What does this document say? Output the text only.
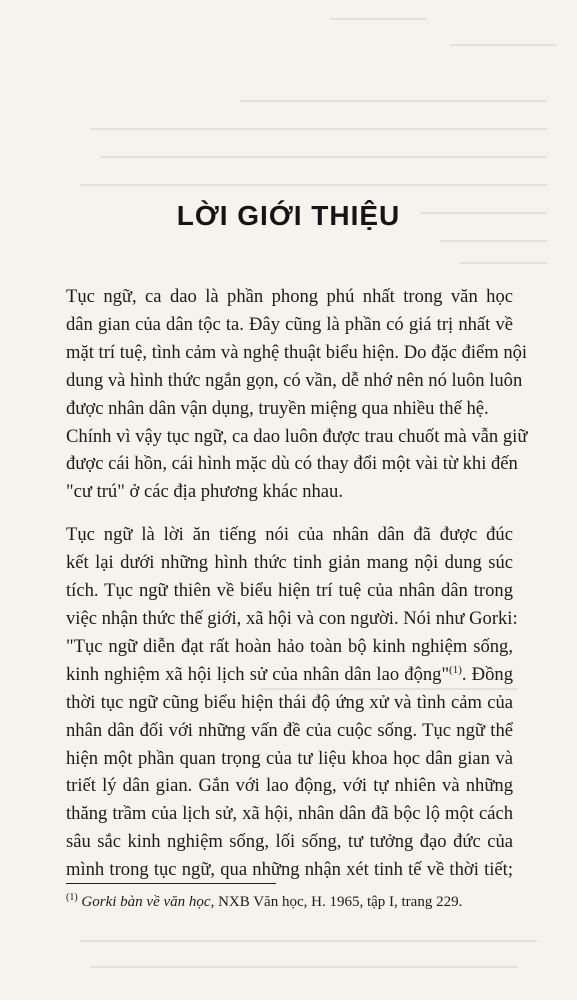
LỜI GIỚI THIỆU
Tục ngữ, ca dao là phần phong phú nhất trong văn học
dân gian của dân tộc ta. Đây cũng là phần có giá trị nhất về
mặt trí tuệ, tình cảm và nghệ thuật biểu hiện. Do đặc điểm nội
dung và hình thức ngắn gọn, có vần, dễ nhớ nên nó luôn luôn
được nhân dân vận dụng, truyền miệng qua nhiều thế hệ.
Chính vì vậy tục ngữ, ca dao luôn được trau chuốt mà vẫn giữ
được cái hồn, cái hình mặc dù có thay đổi một vài từ khi đến
"cư trú" ở các địa phương khác nhau.
Tục ngữ là lời ăn tiếng nói của nhân dân đã được đúc
kết lại dưới những hình thức tinh giản mang nội dung súc
tích. Tục ngữ thiên về biểu hiện trí tuệ của nhân dân trong
việc nhận thức thế giới, xã hội và con người. Nói như Gorki:
"Tục ngữ diễn đạt rất hoàn hảo toàn bộ kinh nghiệm sống,
kinh nghiệm xã hội lịch sử của nhân dân lao động"$^{(1)}$. Đồng
thời tục ngữ cũng biểu hiện thái độ ứng xử và tình cảm của
nhân dân đối với những vấn đề của cuộc sống. Tục ngữ thể
hiện một phần quan trọng của tư liệu khoa học dân gian và
triết lý dân gian. Gắn với lao động, với tự nhiên và những
thăng trầm của lịch sử, xã hội, nhân dân đã bộc lộ một cách
sâu sắc kinh nghiệm sống, lối sống, tư tưởng đạo đức của
mình trong tục ngữ, qua những nhận xét tinh tế về thời tiết;
$^{(1)}$ Gorki bàn về văn học, NXB Văn học, H. 1965, tập I, trang 229.
